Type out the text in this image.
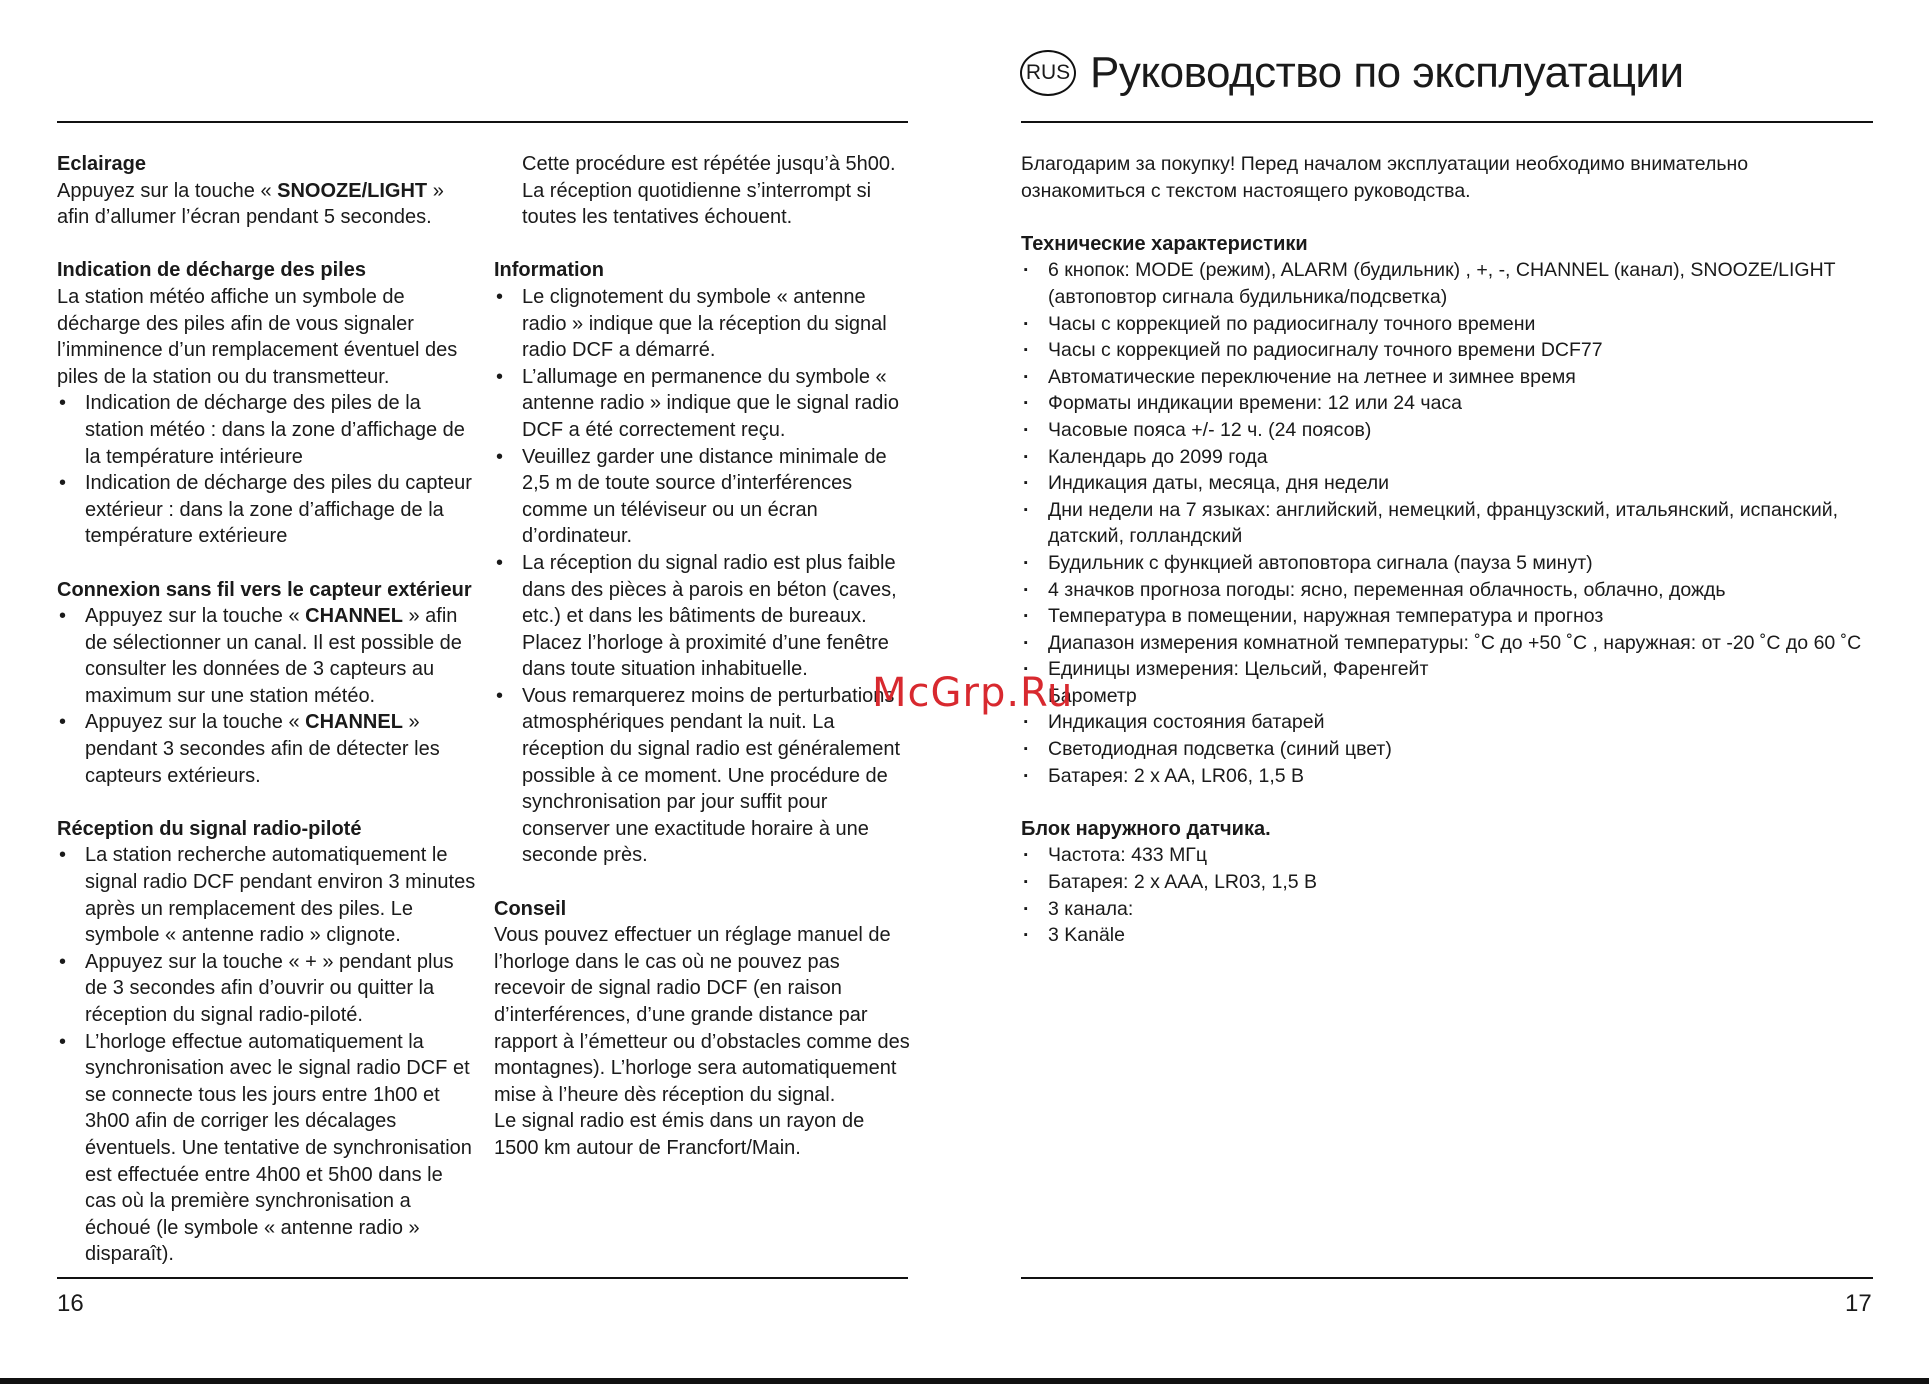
Eclairage

Appuyez sur la touche « SNOOZE/LIGHT » afin d’allumer l’écran pendant 5 secondes.

Indication de décharge des piles

La station météo affiche un symbole de décharge des piles afin de vous signaler l’imminence d’un remplacement éventuel des piles de la station ou du transmetteur.

• Indication de décharge des piles de la station météo : dans la zone d’affichage de la température intérieure
• Indication de décharge des piles du capteur extérieur : dans la zone d’affichage de la température extérieure
Connexion sans fil vers le capteur extérieur
• Appuyez sur la touche « CHANNEL » afin de sélectionner un canal. Il est possible de consulter les données de 3 capteurs au maximum sur une station météo.
• Appuyez sur la touche « CHANNEL » pendant 3 secondes afin de détecter les capteurs extérieurs.
Réception du signal radio-piloté
• La station recherche automatiquement le signal radio DCF pendant environ 3 minutes après un remplacement des piles. Le symbole « antenne radio » clignote.
• Appuyez sur la touche « + » pendant plus de 3 secondes afin d’ouvrir ou quitter la réception du signal radio-piloté.
• L’horloge effectue automatiquement la synchronisation avec le signal radio DCF et se connecte tous les jours entre 1h00 et 3h00 afin de corriger les décalages éventuels. Une tentative de synchronisation est effectuée entre 4h00 et 5h00 dans le cas où la première synchronisation a échoué (le symbole « antenne radio » disparaît).

Cette procédure est répétée jusqu’à 5h00. La réception quotidienne s’interrompt si toutes les tentatives échouent.

Information
• Le clignotement du symbole « antenne radio » indique que la réception du signal radio DCF a démarré.
• L’allumage en permanence du symbole « antenne radio » indique que le signal radio DCF a été correctement reçu.
• Veuillez garder une distance minimale de 2,5 m de toute source d’interférences comme un téléviseur ou un écran d’ordinateur.
• La réception du signal radio est plus faible dans des pièces à parois en béton (caves, etc.) et dans les bâtiments de bureaux. Placez l’horloge à proximité d’une fenêtre dans toute situation inhabituelle.
• Vous remarquerez moins de perturbations atmosphériques pendant la nuit. La réception du signal radio est généralement possible à ce moment. Une procédure de synchronisation par jour suffit pour conserver une exactitude horaire à une seconde près.
Conseil

Vous pouvez effectuer un réglage manuel de l’horloge dans le cas où ne pouvez pas recevoir de signal radio DCF (en raison d’interférences, d’une grande distance par rapport à l’émetteur ou d’obstacles comme des montagnes). L’horloge sera automatiquement mise à l’heure dès réception du signal.

Le signal radio est émis dans un rayon de 1500 km autour de Francfort/Main.

16
RUS Руководство по эксплуатации

Благодарим за покупку! Перед началом эксплуатации необходимо внимательно ознакомиться с текстом настоящего руководства.

Технические характеристики
· 6 кнопок: MODE (режим), ALARM (будильник) , +, -, CHANNEL (канал), SNOOZE/LIGHT (автоповтор сигнала будильника/подсветка)
· Часы с коррекцией по радиосигналу точного времени
· Часы с коррекцией по радиосигналу точного времени DCF77
· Автоматические переключение на летнее и зимнее время
· Форматы индикации времени: 12 или 24 часа
· Часовые пояса +/- 12 ч. (24 поясов)
· Календарь до 2099 года
· Индикация даты, месяца, дня недели
· Дни недели на 7 языках: английский, немецкий, французский, итальянский, испанский, датский, голландский
· Будильник с функцией автоповтора сигнала (пауза 5 минут)
· 4 значков прогноза погоды: ясно, переменная облачность, облачно, дождь
· Температура в помещении, наружная температура и прогноз
· Диапазон измерения комнатной температуры: ˚C до +50 ˚C , наружная: от -20 ˚C до 60 ˚C
· Единицы измерения: Цельсий, Фаренгейт
· Барометр
· Индикация состояния батарей
· Светодиодная подсветка (синий цвет)
· Батарея: 2 x AA, LR06, 1,5 В
Блок наружного датчика.
· Частота: 433 МГц
· Батарея: 2 x AAA, LR03, 1,5 В
· 3 канала:
· 3 Kanäle
17
McGrp.Ru
